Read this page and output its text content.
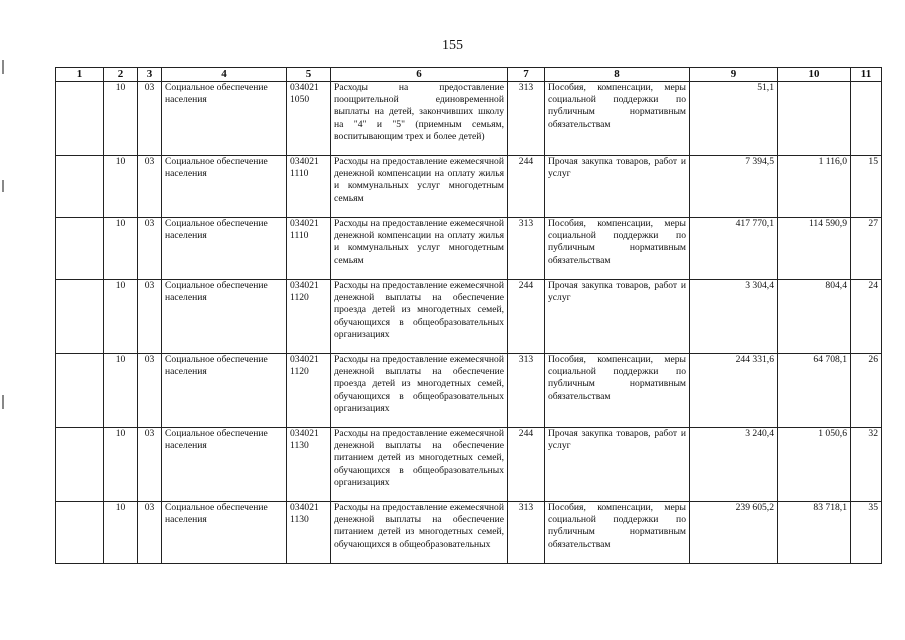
155
1	2	3	4	5	6	7	8	9	10	11
	10	03	Социальное обеспечение населения	034021 1050	Расходы на предоставление поощрительной единовременной выплаты на детей, закончивших школу на "4" и "5" (приемным семьям, воспитывающим трех и более детей)	313	Пособия, компенсации, меры социальной поддержки по публичным нормативным обязательствам	51,1		
	10	03	Социальное обеспечение населения	034021 1110	Расходы на предоставление ежемесячной денежной компенсации на оплату жилья и коммунальных услуг многодетным семьям	244	Прочая закупка товаров, работ и услуг	7 394,5	1 116,0	15
	10	03	Социальное обеспечение населения	034021 1110	Расходы на предоставление ежемесячной денежной компенсации на оплату жилья и коммунальных услуг многодетным семьям	313	Пособия, компенсации, меры социальной поддержки по публичным нормативным обязательствам	417 770,1	114 590,9	27
	10	03	Социальное обеспечение населения	034021 1120	Расходы на предоставление ежемесячной денежной выплаты на обеспечение проезда детей из многодетных семей, обучающихся в общеобразовательных организациях	244	Прочая закупка товаров, работ и услуг	3 304,4	804,4	24
	10	03	Социальное обеспечение населения	034021 1120	Расходы на предоставление ежемесячной денежной выплаты на обеспечение проезда детей из многодетных семей, обучающихся в общеобразовательных организациях	313	Пособия, компенсации, меры социальной поддержки по публичным нормативным обязательствам	244 331,6	64 708,1	26
	10	03	Социальное обеспечение населения	034021 1130	Расходы на предоставление ежемесячной денежной выплаты на обеспечение питанием детей из многодетных семей, обучающихся в общеобразовательных организациях	244	Прочая закупка товаров, работ и услуг	3 240,4	1 050,6	32
	10	03	Социальное обеспечение населения	034021 1130	Расходы на предоставление ежемесячной денежной выплаты на обеспечение питанием детей из многодетных семей, обучающихся в общеобразовательных	313	Пособия, компенсации, меры социальной поддержки по публичным нормативным обязательствам	239 605,2	83 718,1	35
